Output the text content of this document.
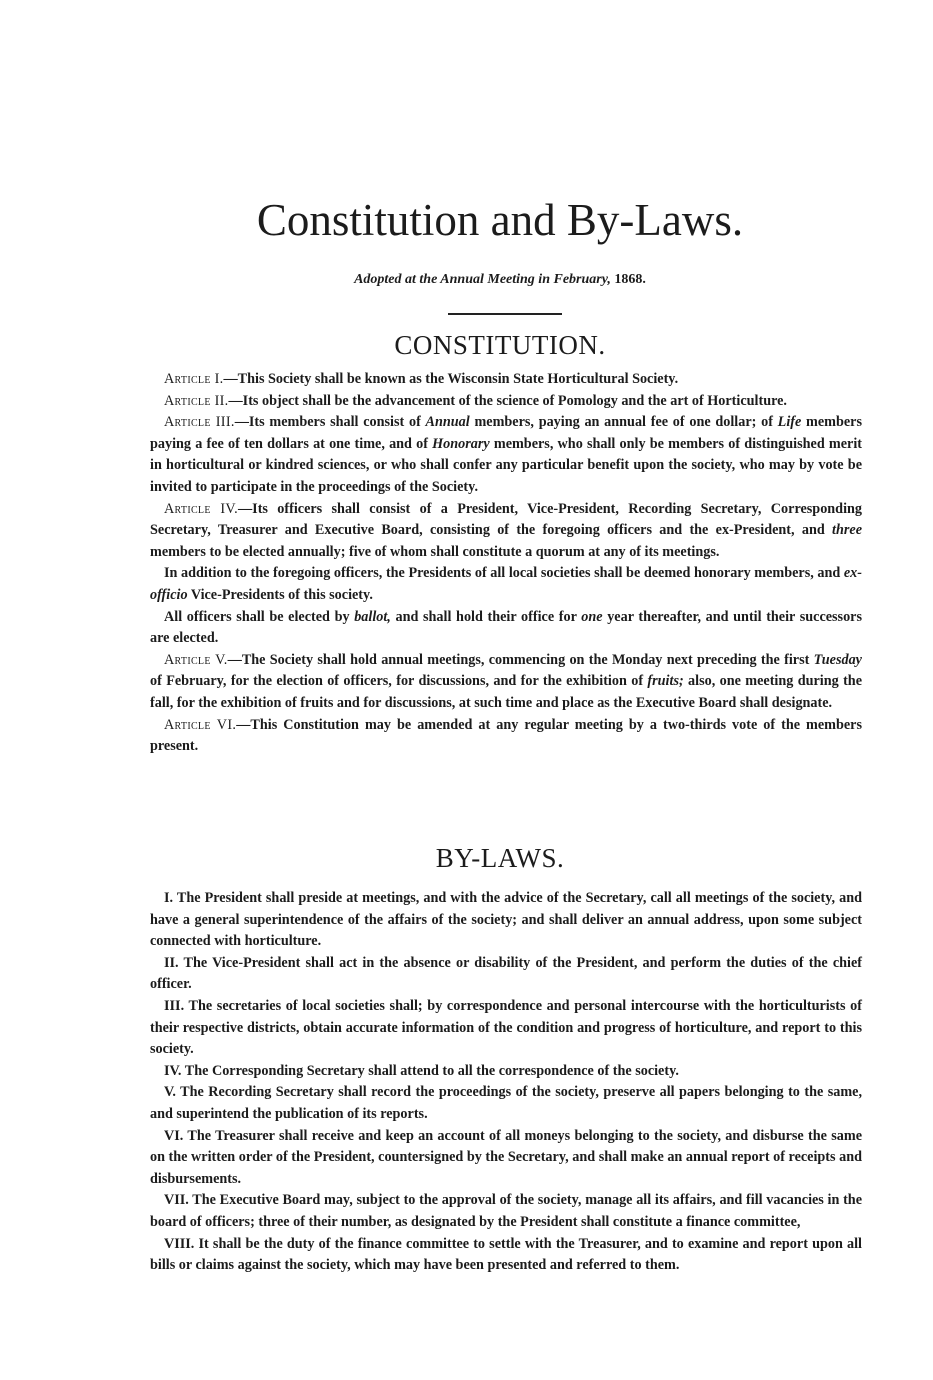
Constitution and By-Laws.
Adopted at the Annual Meeting in February, 1868.
CONSTITUTION.

Article I.—This Society shall be known as the Wisconsin State Horticultural Society.

Article II.—Its object shall be the advancement of the science of Pomology and the art of Horticulture.

Article III.—Its members shall consist of Annual members, paying an annual fee of one dollar; of Life members paying a fee of ten dollars at one time, and of Honorary members, who shall only be members of distinguished merit in horticultural or kindred sciences, or who shall confer any particular benefit upon the society, who may by vote be invited to participate in the proceedings of the Society.

Article IV.—Its officers shall consist of a President, Vice-President, Recording Secretary, Corresponding Secretary, Treasurer and Executive Board, consisting of the foregoing officers and the ex-President, and three members to be elected annually; five of whom shall constitute a quorum at any of its meetings.

In addition to the foregoing officers, the Presidents of all local societies shall be deemed honorary members, and ex-officio Vice-Presidents of this society.

All officers shall be elected by ballot, and shall hold their office for one year thereafter, and until their successors are elected.

Article V.—The Society shall hold annual meetings, commencing on the Monday next preceding the first Tuesday of February, for the election of officers, for discussions, and for the exhibition of fruits; also, one meeting during the fall, for the exhibition of fruits and for discussions, at such time and place as the Executive Board shall designate.

Article VI.—This Constitution may be amended at any regular meeting by a two-thirds vote of the members present.

BY-LAWS.

I. The President shall preside at meetings, and with the advice of the Secretary, call all meetings of the society, and have a general superintendence of the affairs of the society; and shall deliver an annual address, upon some subject connected with horticulture.

II. The Vice-President shall act in the absence or disability of the President, and perform the duties of the chief officer.

III. The secretaries of local societies shall; by correspondence and personal intercourse with the horticulturists of their respective districts, obtain accurate information of the condition and progress of horticulture, and report to this society.

IV. The Corresponding Secretary shall attend to all the correspondence of the society.

V. The Recording Secretary shall record the proceedings of the society, preserve all papers belonging to the same, and superintend the publication of its reports.

VI. The Treasurer shall receive and keep an account of all moneys belonging to the society, and disburse the same on the written order of the President, countersigned by the Secretary, and shall make an annual report of receipts and disbursements.

VII. The Executive Board may, subject to the approval of the society, manage all its affairs, and fill vacancies in the board of officers; three of their number, as designated by the President shall constitute a finance committee,

VIII. It shall be the duty of the finance committee to settle with the Treasurer, and to examine and report upon all bills or claims against the society, which may have been presented and referred to them.
